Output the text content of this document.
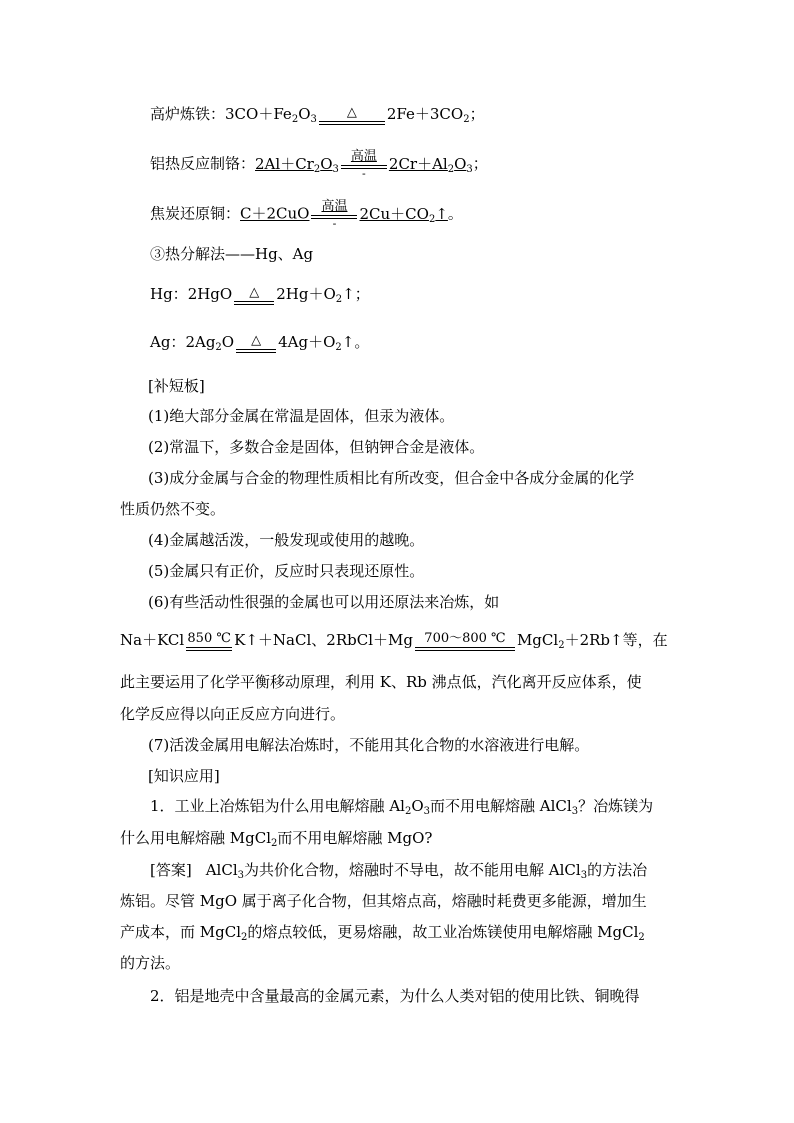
高炉炼铁：$3CO+Fe_2O_3$	△	$2Fe+3CO_2$；
铝热反应制铬：$2Al+Cr_2O_3$
高温
-
$2Cr+Al_2O_3$；
焦炭还原铜：C＋2CuO 高温
-
$2Cu+CO_2↑$。
③热分解法——Hg、Ag
Hg：2HgO	△	$2Hg+O_2↑$；
Ag：$2Ag_2O$	△	$4Ag+O_2↑$。
[补短板]
(1)绝大部分金属在常温是固体，但汞为液体。
(2)常温下，多数合金是固体，但钠钾合金是液体。
(3)成分金属与合金的物理性质相比有所改变，但合金中各成分金属的化学
性质仍然不变。
(4)金属越活泼，一般发现或使用的越晚。
(5)金属只有正价，反应时只表现还原性。
(6)有些活动性很强的金属也可以用还原法来冶炼，如
Na＋KCl 850 ℃ K↑＋NaCl、2RbCl＋Mg 700～800 ℃ MgCl$_2$＋2Rb↑等，在
此主要运用了化学平衡移动原理，利用 K、Rb 沸点低，汽化离开反应体系，使
化学反应得以向正反应方向进行。
(7)活泼金属用电解法冶炼时，不能用其化合物的水溶液进行电解。
[知识应用]
1．工业上冶炼铝为什么用电解熔融 $Al_2O_3$而不用电解熔融 AlCl$_3$？冶炼镁为
什么用电解熔融 MgCl$_2$而不用电解熔融 MgO?
[答案] AlCl$_3$为共价化合物，熔融时不导电，故不能用电解 AlCl$_3$的方法冶
炼铝。尽管 MgO 属于离子化合物，但其熔点高，熔融时耗费更多能源，增加生
产成本，而 MgCl$_2$的熔点较低，更易熔融，故工业冶炼镁使用电解熔融 MgCl$_2$
的方法。
2．铝是地壳中含量最高的金属元素，为什么人类对铝的使用比铁、铜晚得
